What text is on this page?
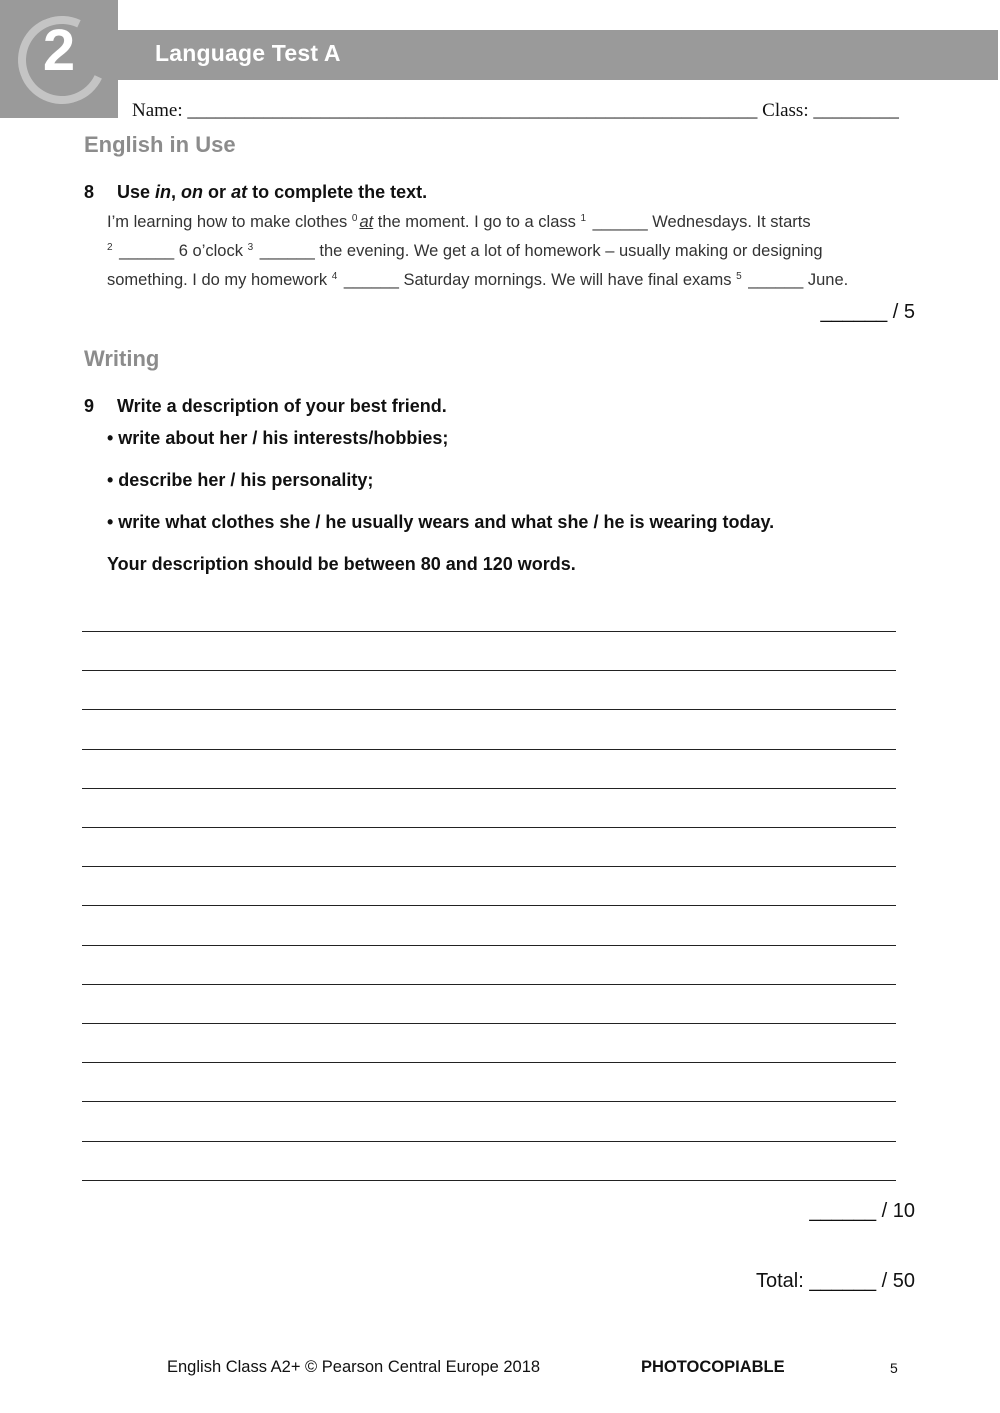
2	Language Test A
Name: ____________________________________________________________ Class: _________
English in Use
8 Use in, on or at to complete the text.
I’m learning how to make clothes $^0$ at the moment. I go to a class $^1$ ______ Wednesdays. It starts
$^2$ ______ 6 o’clock $^3$ ______ the evening. We get a lot of homework – usually making or designing
something. I do my homework $^4$ ______ Saturday mornings. We will have final exams $^5$ ______ June.
______ / 5
Writing
9 Write a description of your best friend.
• write about her / his interests/hobbies;
• describe her / his personality;
• write what clothes she / he usually wears and what she / he is wearing today.
Your description should be between 80 and 120 words.
______ / 10
Total: ______ / 50
English Class A2+ © Pearson Central Europe 2018	PHOTOCOPIABLE	5
